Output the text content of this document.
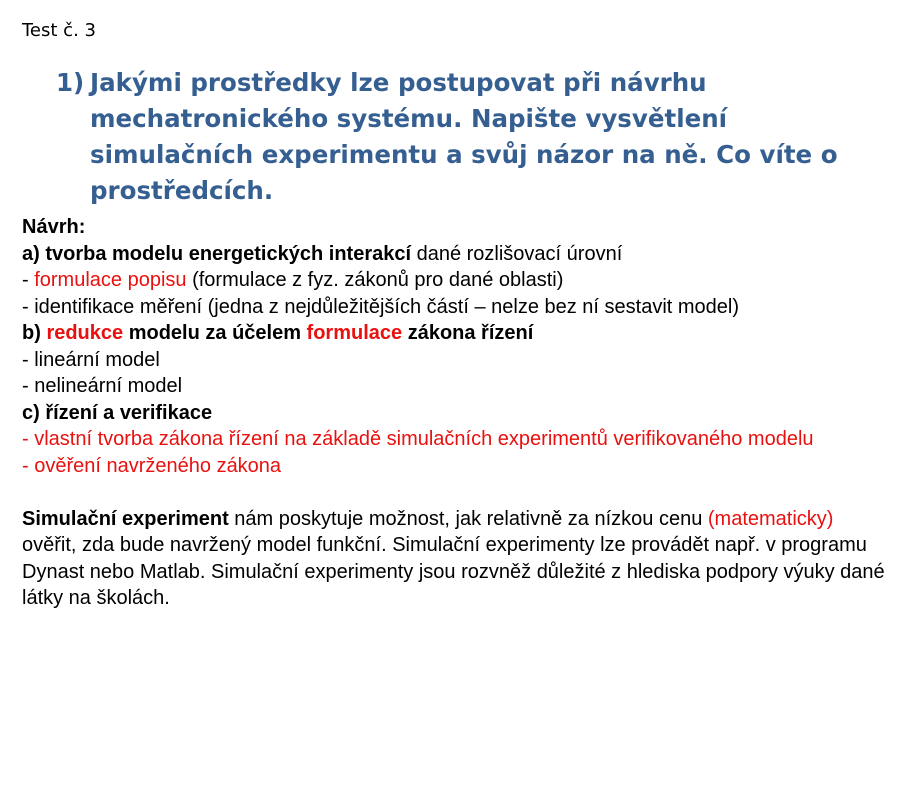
Test č. 3
1) Jakými prostředky lze postupovat při návrhu mechatronického systému. Napište vysvětlení simulačních experimentu a svůj názor na ně. Co víte o prostředcích.

Návrh:

a) tvorba modelu energetických interakcí dané rozlišovací úrovní

- formulace popisu (formulace z fyz. zákonů pro dané oblasti)

- identifikace měření (jedna z nejdůležitějších částí – nelze bez ní sestavit model)

b) redukce modelu za účelem formulace zákona řízení

- lineární model

- nelineární model

c) řízení a verifikace

- vlastní tvorba zákona řízení na základě simulačních experimentů verifikovaného modelu

- ověření navrženého zákona

Simulační experiment nám poskytuje možnost, jak relativně za nízkou cenu (matematicky) ověřit, zda bude navržený model funkční. Simulační experimenty lze provádět např. v programu Dynast nebo Matlab. Simulační experimenty jsou rozvněž důležité z hlediska podpory výuky dané látky na školách.
